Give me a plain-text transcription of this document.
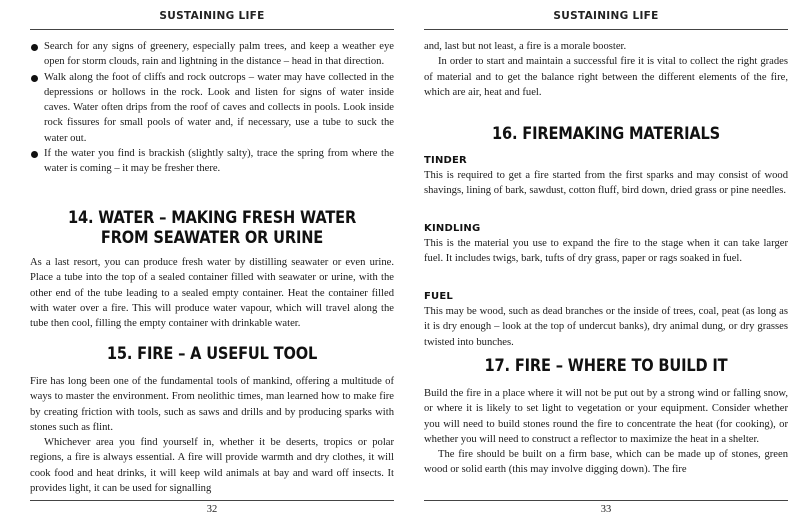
SUSTAINING LIFE
Search for any signs of greenery, especially palm trees, and keep a weather eye open for storm clouds, rain and lightning in the distance – head in that direction.
Walk along the foot of cliffs and rock outcrops – water may have collected in the depressions or hollows in the rock. Look and listen for signs of water inside caves. Water often drips from the roof of caves and collects in pools. Look inside rock fissures for small pools of water and, if necessary, use a tube to suck the water out.
If the water you find is brackish (slightly salty), trace the spring from where the water is coming – it may be fresher there.
14. WATER – MAKING FRESH WATER
FROM SEAWATER OR URINE

As a last resort, you can produce fresh water by distilling seawater or even urine. Place a tube into the top of a sealed container filled with seawater or urine, with the other end of the tube leading to a sealed empty container. Heat the container filled with water over a fire. This will produce water vapour, which will travel along the tube then cool, filling the empty container with drinkable water.

15. FIRE – A USEFUL TOOL

Fire has long been one of the fundamental tools of mankind, offering a multitude of ways to master the environment. From neolithic times, man learned how to make fire by creating friction with tools, such as saws and drills and by producing sparks with stones such as flint.

Whichever area you find yourself in, whether it be deserts, tropics or polar regions, a fire is always essential. A fire will provide warmth and dry clothes, it will cook food and heat drinks, it will keep wild animals at bay and ward off insects. It provides light, it can be used for signalling

32
SUSTAINING LIFE

and, last but not least, a fire is a morale booster.

In order to start and maintain a successful fire it is vital to collect the right grades of material and to get the balance right between the different elements of the fire, which are air, heat and fuel.

16. FIREMAKING MATERIALS
TINDER

This is required to get a fire started from the first sparks and may consist of wood shavings, lining of bark, sawdust, cotton fluff, bird down, dried grass or pine needles.

KINDLING

This is the material you use to expand the fire to the stage when it can take larger fuel. It includes twigs, bark, tufts of dry grass, paper or rags soaked in fuel.

FUEL

This may be wood, such as dead branches or the inside of trees, coal, peat (as long as it is dry enough – look at the top of undercut banks), dry animal dung, or dry grasses twisted into bunches.

17. FIRE – WHERE TO BUILD IT

Build the fire in a place where it will not be put out by a strong wind or falling snow, or where it is likely to set light to vegetation or your equipment. Consider whether you will need to build stones round the fire to concentrate the heat (for cooking), or whether you will need to construct a reflector to maximize the heat in a shelter.

The fire should be built on a firm base, which can be made up of stones, green wood or solid earth (this may involve digging down). The fire

33
